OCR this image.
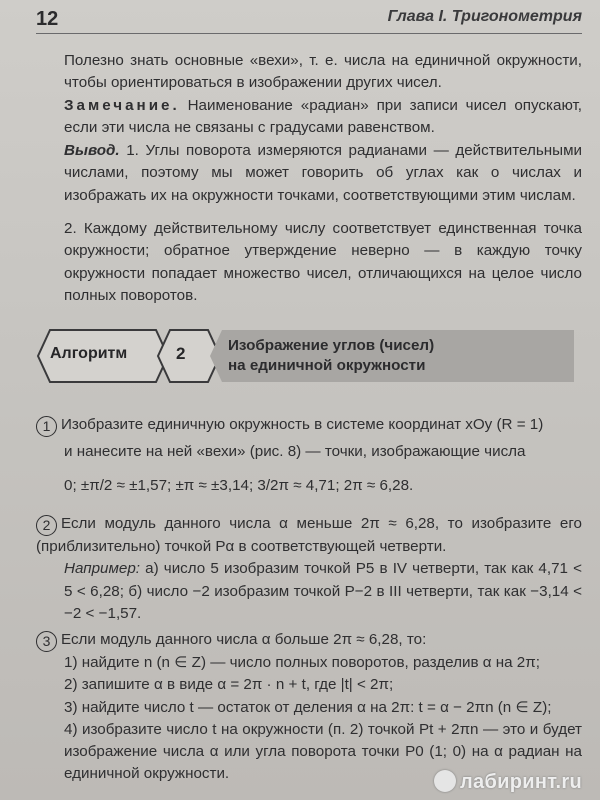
12	Глава I. Тригонометрия
Полезно знать основные «вехи», т. е. числа на единичной окружности, чтобы ориентироваться в изображении других чисел.
Замечание. Наименование «радиан» при записи чисел опускают, если эти числа не связаны с градусами равенством.
Вывод. 1. Углы поворота измеряются радианами — действительными числами, поэтому мы может говорить об углах как о числах и изображать их на окружности точками, соответствующими этим числам.
2. Каждому действительному числу соответствует единственная точка окружности; обратное утверждение неверно — в каждую точку окружности попадает множество чисел, отличающихся на целое число полных поворотов.
Алгоритм	2	Изображение углов (чисел)
на единичной окружности
1 Изобразите единичную окружность в системе координат xOy (R = 1)
и нанесите на ней «вехи» (рис. 8) — точки, изображающие числа
0; ±π/2 ≈ ±1,57; ±π ≈ ±3,14; 3/2π ≈ 4,71; 2π ≈ 6,28.
2 Если модуль данного числа α меньше 2π ≈ 6,28, то изобразите его (приблизительно) точкой Pα в соответствующей четверти.
Например: а) число 5 изобразим точкой P5 в IV четверти, так как 4,71 < 5 < 6,28; б) число −2 изобразим точкой P−2 в III четверти, так как −3,14 < −2 < −1,57.
3 Если модуль данного числа α больше 2π ≈ 6,28, то:
1) найдите n (n ∈ Z) — число полных поворотов, разделив α на 2π;
2) запишите α в виде α = 2π · n + t, где |t| < 2π;
3) найдите число t — остаток от деления α на 2π: t = α − 2πn (n ∈ Z);
4) изобразите число t на окружности (п. 2) точкой Pt + 2πn — это и будет изображение числа α или угла поворота точки P0 (1; 0) на α радиан на единичной окружности.	лабиринт.ru
